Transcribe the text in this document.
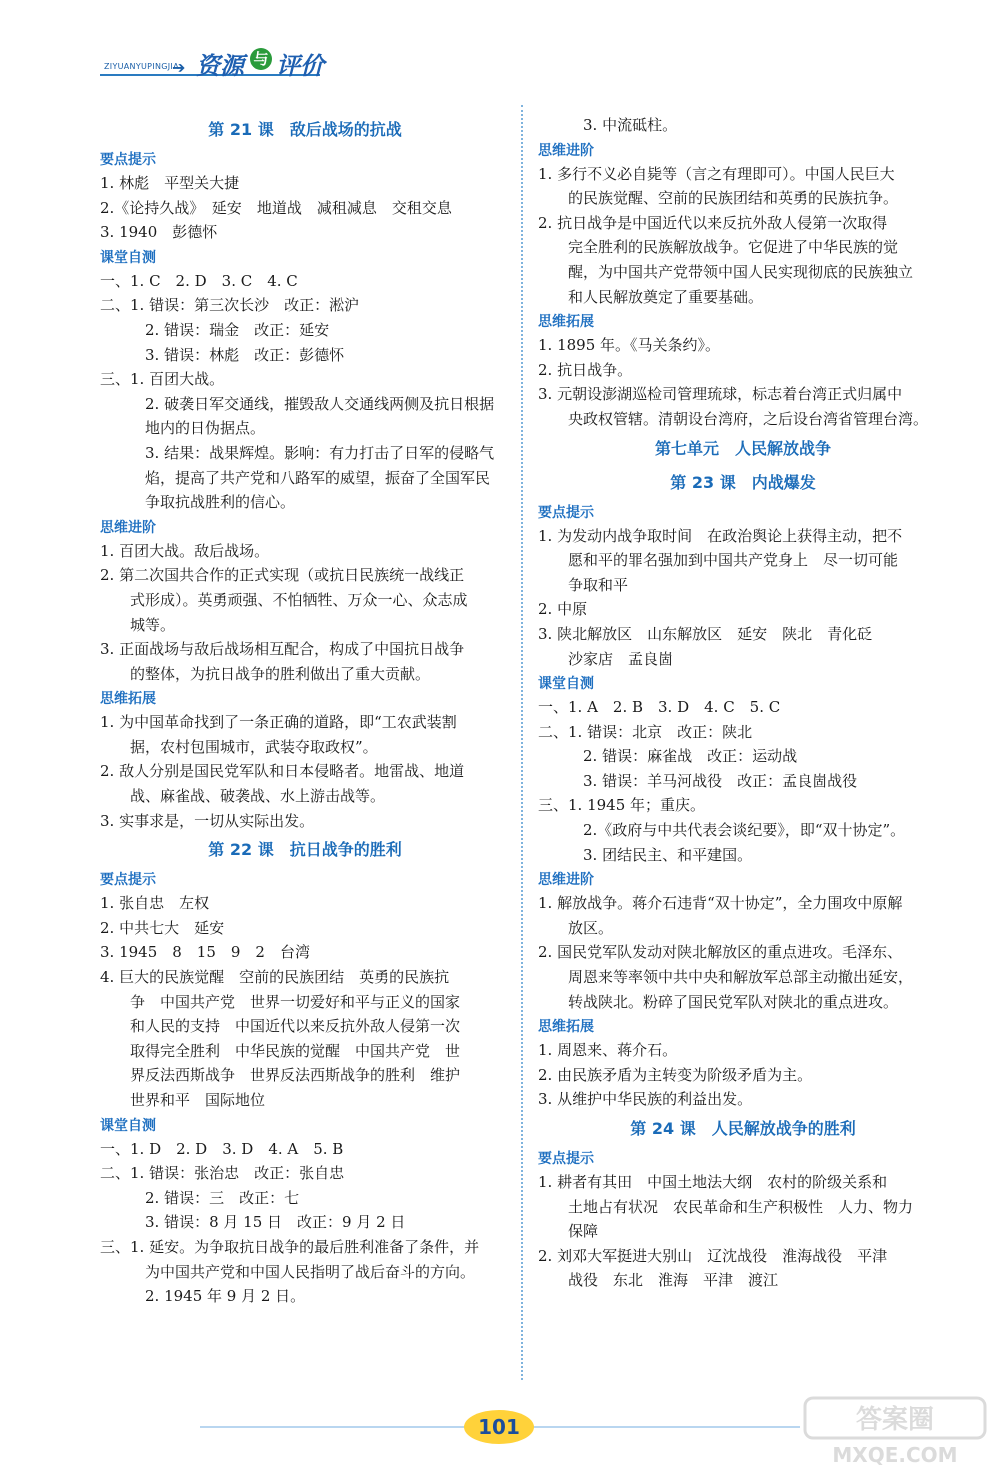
ZIYUANYUPINGJIA
➔ 资源 与 评价
第 21 课　敌后战场的抗战
要点提示

1. 林彪　平型关大捷

2.《论持久战》　延安　地道战　减租减息　交租交息

3. 1940　彭德怀

课堂自测

一、1. C　2. D　3. C　4. C

二、1. 错误：第三次长沙　改正：淞沪

2. 错误：瑞金　改正：延安

3. 错误：林彪　改正：彭德怀

三、1. 百团大战。

2. 破袭日军交通线，摧毁敌人交通线两侧及抗日根据

地内的日伪据点。

3. 结果：战果辉煌。影响：有力打击了日军的侵略气

焰，提高了共产党和八路军的威望，振奋了全国军民

争取抗战胜利的信心。

思维进阶

1. 百团大战。敌后战场。

2. 第二次国共合作的正式实现（或抗日民族统一战线正

式形成）。英勇顽强、不怕牺牲、万众一心、众志成

城等。

3. 正面战场与敌后战场相互配合，构成了中国抗日战争

的整体，为抗日战争的胜利做出了重大贡献。

思维拓展

1. 为中国革命找到了一条正确的道路，即“工农武装割

据，农村包围城市，武装夺取政权”。

2. 敌人分别是国民党军队和日本侵略者。地雷战、地道

战、麻雀战、破袭战、水上游击战等。

3. 实事求是，一切从实际出发。

第 22 课　抗日战争的胜利
要点提示

1. 张自忠　左权

2. 中共七大　延安

3. 1945　8　15　9　2　台湾

4. 巨大的民族觉醒　空前的民族团结　英勇的民族抗

争　中国共产党　世界一切爱好和平与正义的国家

和人民的支持　中国近代以来反抗外敌人侵第一次

取得完全胜利　中华民族的觉醒　中国共产党　世

界反法西斯战争　世界反法西斯战争的胜利　维护

世界和平　国际地位

课堂自测

一、1. D　2. D　3. D　4. A　5. B

二、1. 错误：张治忠　改正：张自忠

2. 错误：三　改正：七

3. 错误：8 月 15 日　改正：9 月 2 日

三、1. 延安。为争取抗日战争的最后胜利准备了条件，并

为中国共产党和中国人民指明了战后奋斗的方向。

2. 1945 年 9 月 2 日。

3. 中流砥柱。

思维进阶

1. 多行不义必自毙等（言之有理即可）。中国人民巨大

的民族觉醒、空前的民族团结和英勇的民族抗争。

2. 抗日战争是中国近代以来反抗外敌人侵第一次取得

完全胜利的民族解放战争。它促进了中华民族的觉

醒，为中国共产党带领中国人民实现彻底的民族独立

和人民解放奠定了重要基础。

思维拓展

1. 1895 年。《马关条约》。

2. 抗日战争。

3. 元朝设澎湖巡检司管理琉球，标志着台湾正式归属中

央政权管辖。清朝设台湾府，之后设台湾省管理台湾。

第七单元　人民解放战争
第 23 课　内战爆发
要点提示

1. 为发动内战争取时间　在政治舆论上获得主动，把不

愿和平的罪名强加到中国共产党身上　尽一切可能

争取和平

2. 中原

3. 陕北解放区　山东解放区　延安　陕北　青化砭

沙家店　孟良崮

课堂自测

一、1. A　2. B　3. D　4. C　5. C

二、1. 错误：北京　改正：陕北

2. 错误：麻雀战　改正：运动战

3. 错误：羊马河战役　改正：孟良崮战役

三、1. 1945 年；重庆。

2.《政府与中共代表会谈纪要》，即“双十协定”。

3. 团结民主、和平建国。

思维进阶

1. 解放战争。蒋介石违背“双十协定”，全力围攻中原解

放区。

2. 国民党军队发动对陕北解放区的重点进攻。毛泽东、

周恩来等率领中共中央和解放军总部主动撤出延安，

转战陕北。粉碎了国民党军队对陕北的重点进攻。

思维拓展

1. 周恩来、蒋介石。

2. 由民族矛盾为主转变为阶级矛盾为主。

3. 从维护中华民族的利益出发。

第 24 课　人民解放战争的胜利
要点提示

1. 耕者有其田　中国土地法大纲　农村的阶级关系和

土地占有状况　农民革命和生产积极性　人力、物力

保障

2. 刘邓大军挺进大别山　辽沈战役　淮海战役　平津

战役　东北　淮海　平津　渡江

101	答案圈
MXQE.COM
